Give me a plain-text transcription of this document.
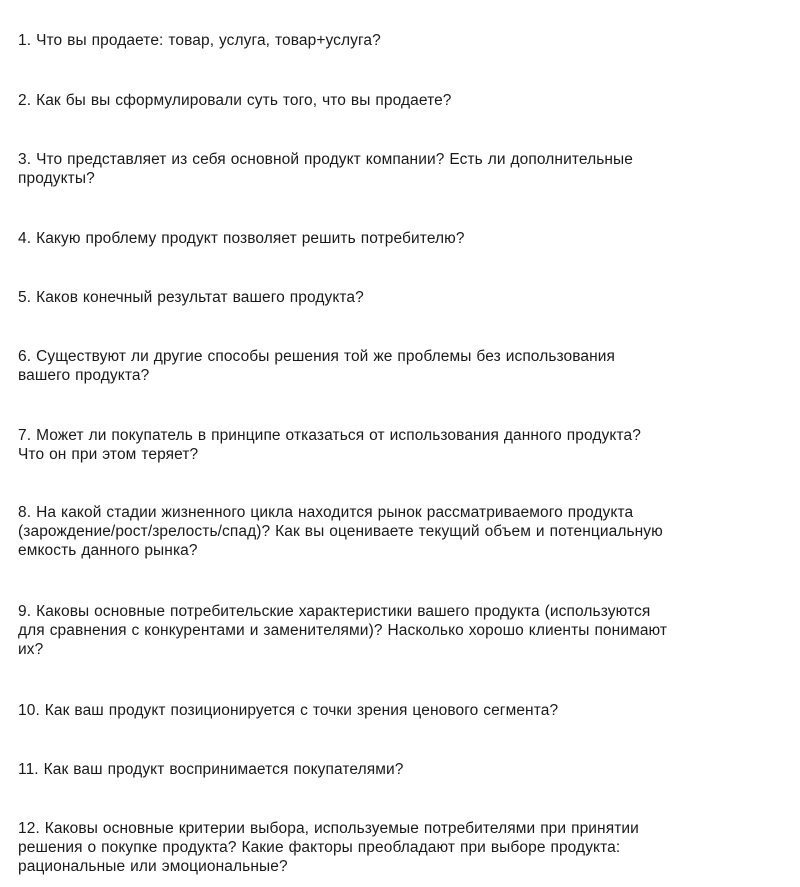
1. Что вы продаете: товар, услуга, товар+услуга?

2. Как бы вы сформулировали суть того, что вы продаете?

3. Что представляет из себя основной продукт компании? Есть ли дополнительные
продукты?

4. Какую проблему продукт позволяет решить потребителю?

5. Каков конечный результат вашего продукта?

6. Существуют ли другие способы решения той же проблемы без использования
вашего продукта?

7. Может ли покупатель в принципе отказаться от использования данного продукта?
Что он при этом теряет?

8. На какой стадии жизненного цикла находится рынок рассматриваемого продукта
(зарождение/рост/зрелость/спад)? Как вы оцениваете текущий объем и потенциальную
емкость данного рынка?

9. Каковы основные потребительские характеристики вашего продукта (используются
для сравнения с конкурентами и заменителями)? Насколько хорошо клиенты понимают
их?

10. Как ваш продукт позиционируется с точки зрения ценового сегмента?

11. Как ваш продукт воспринимается покупателями?

12. Каковы основные критерии выбора, используемые потребителями при принятии
решения о покупке продукта? Какие факторы преобладают при выборе продукта:
рациональные или эмоциональные?
